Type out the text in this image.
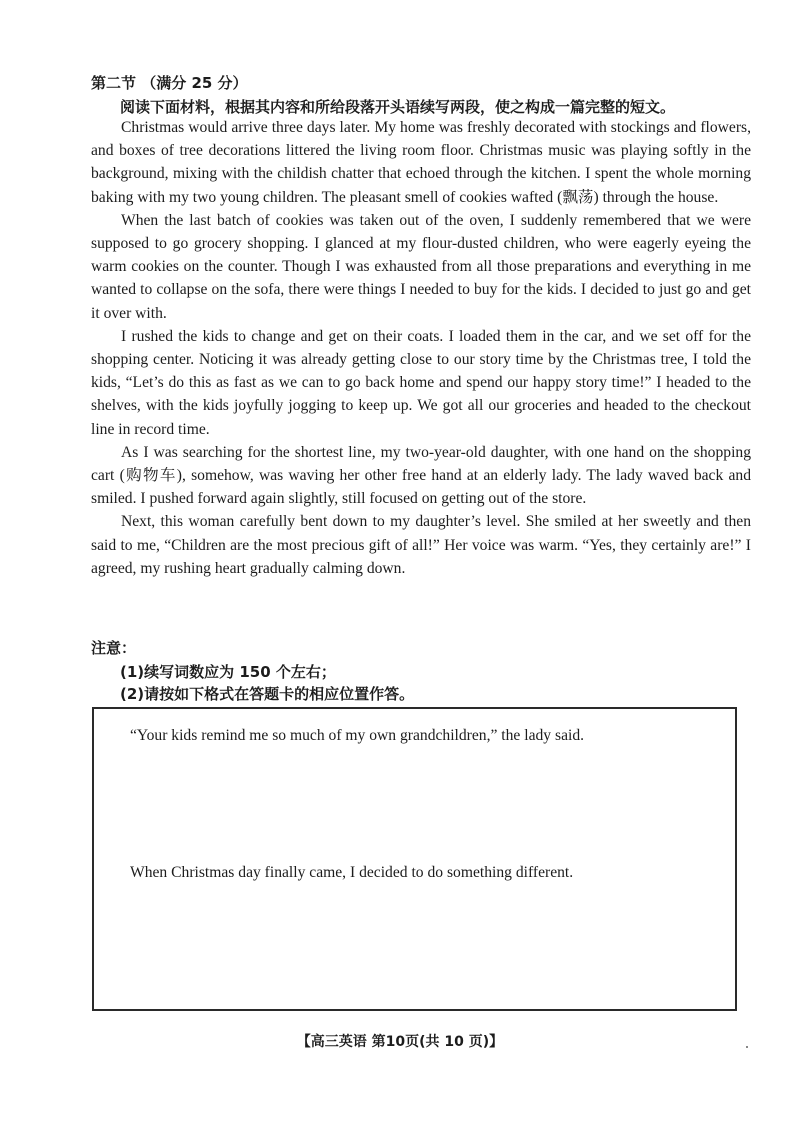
第二节 （满分 25 分）
阅读下面材料，根据其内容和所给段落开头语续写两段，使之构成一篇完整的短文。

Christmas would arrive three days later. My home was freshly decorated with stockings and flowers, and boxes of tree decorations littered the living room floor. Christmas music was playing softly in the background, mixing with the childish chatter that echoed through the kitchen. I spent the whole morning baking with my two young children. The pleasant smell of cookies wafted (飘荡) through the house.

When the last batch of cookies was taken out of the oven, I suddenly remembered that we were supposed to go grocery shopping. I glanced at my flour-dusted children, who were eagerly eyeing the warm cookies on the counter. Though I was exhausted from all those preparations and everything in me wanted to collapse on the sofa, there were things I needed to buy for the kids. I decided to just go and get it over with.

I rushed the kids to change and get on their coats. I loaded them in the car, and we set off for the shopping center. Noticing it was already getting close to our story time by the Christmas tree, I told the kids, “Let’s do this as fast as we can to go back home and spend our happy story time!” I headed to the shelves, with the kids joyfully jogging to keep up. We got all our groceries and headed to the checkout line in record time.

As I was searching for the shortest line, my two-year-old daughter, with one hand on the shopping cart (购物车), somehow, was waving her other free hand at an elderly lady. The lady waved back and smiled. I pushed forward again slightly, still focused on getting out of the store.

Next, this woman carefully bent down to my daughter’s level. She smiled at her sweetly and then said to me, “Children are the most precious gift of all!” Her voice was warm. “Yes, they certainly are!” I agreed, my rushing heart gradually calming down.

注意：
(1)续写词数应为 150 个左右；
(2)请按如下格式在答题卡的相应位置作答。
“Your kids remind me so much of my own grandchildren,” the lady said.
When Christmas day finally came, I decided to do something different.
【高三英语 第10页(共 10 页)】
